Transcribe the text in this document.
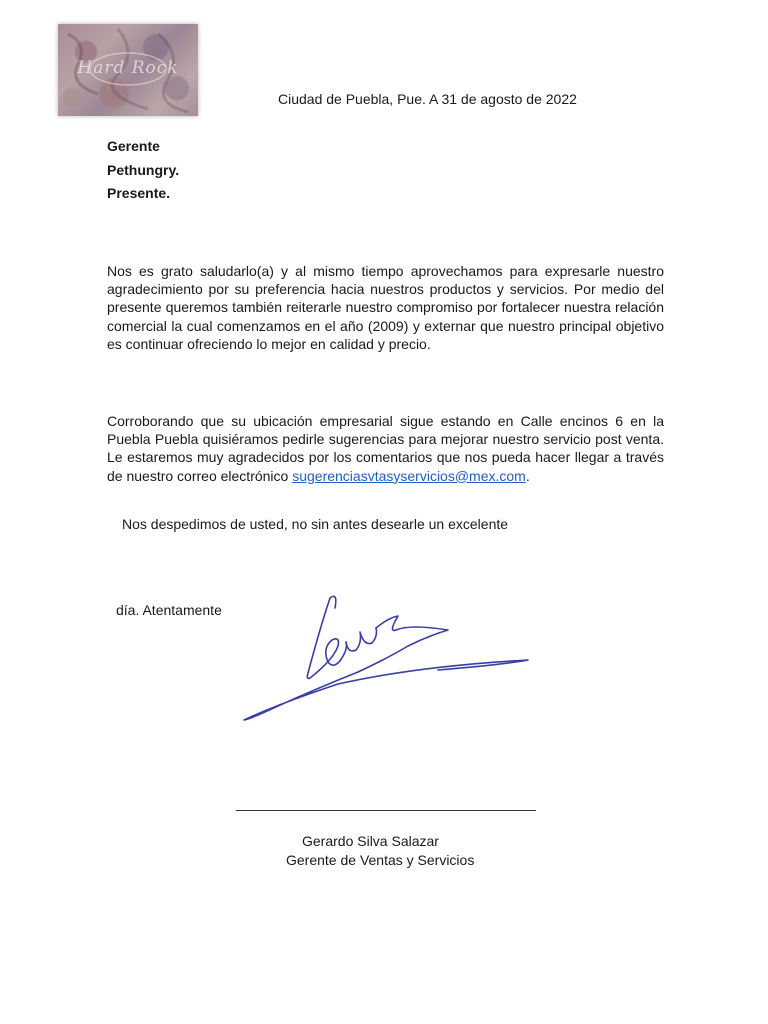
Hard Rock
Ciudad de Puebla, Pue. A 31 de agosto de 2022
Gerente
Pethungry.
Presente.

Nos es grato saludarlo(a) y al mismo tiempo aprovechamos para expresarle nuestro agradecimiento por su preferencia hacia nuestros productos y servicios. Por medio del presente queremos también reiterarle nuestro compromiso por fortalecer nuestra relación comercial la cual comenzamos en el año (2009) y externar que nuestro principal objetivo es continuar ofreciendo lo mejor en calidad y precio.

Corroborando que su ubicación empresarial sigue estando en Calle encinos 6 en la Puebla Puebla quisiéramos pedirle sugerencias para mejorar nuestro servicio post venta. Le estaremos muy agradecidos por los comentarios que nos pueda hacer llegar a través de nuestro correo electrónico sugerenciasvtasyservicios@mex.com.

Nos despedimos de usted, no sin antes desearle un excelente
día. Atentamente
Gerardo Silva Salazar
Gerente de Ventas y Servicios
